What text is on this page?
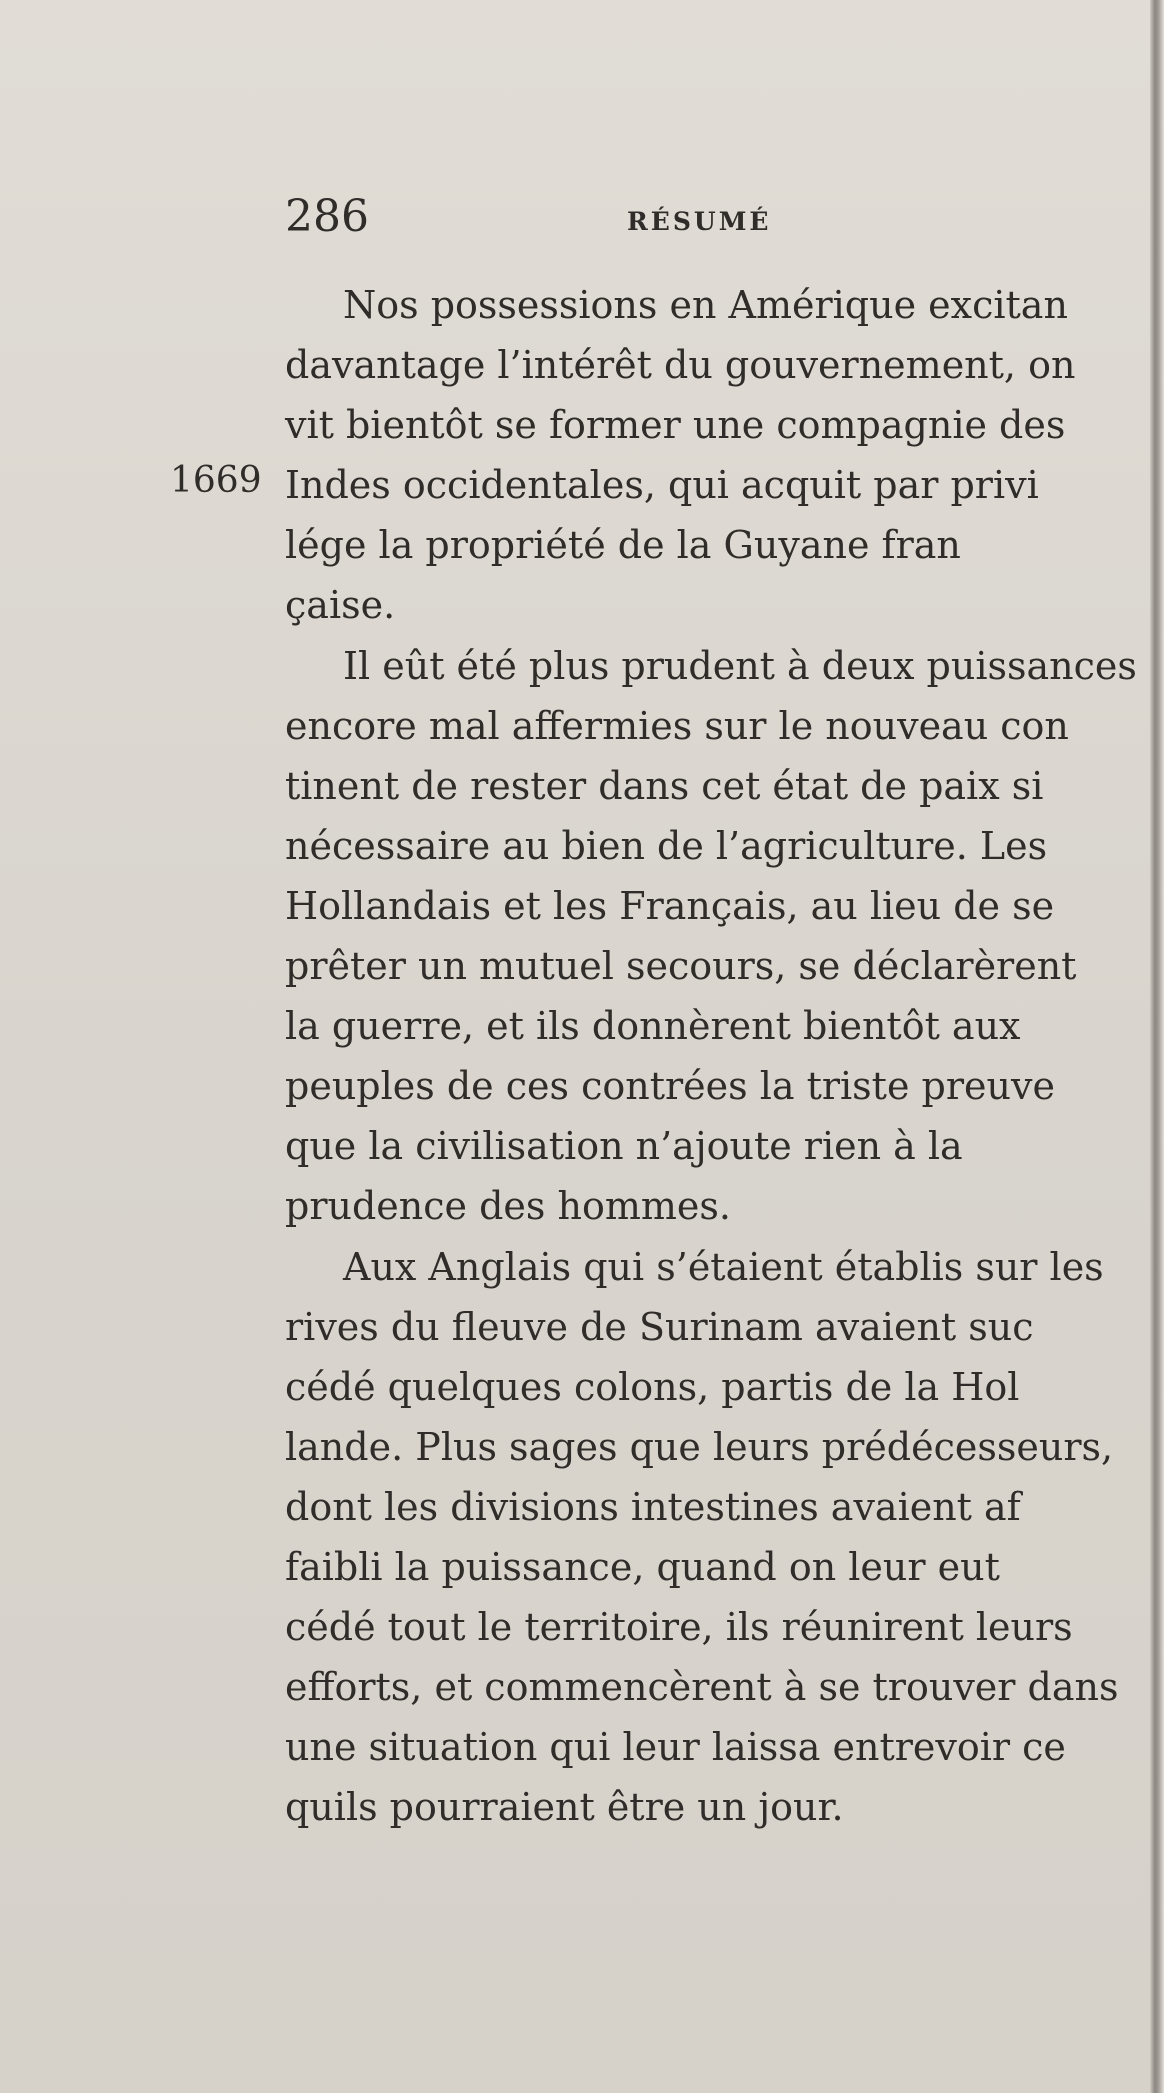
286	RÉSUMÉ
1669
Nos possessions en Amérique excitan
davantage l’intérêt du gouvernement, on
vit bientôt se former une compagnie des
Indes occidentales, qui acquit par privi
lége la propriété de la Guyane fran
çaise.
Il eût été plus prudent à deux puissances
encore mal affermies sur le nouveau con
tinent de rester dans cet état de paix si
nécessaire au bien de l’agriculture. Les
Hollandais et les Français, au lieu de se
prêter un mutuel secours, se déclarèrent
la guerre, et ils donnèrent bientôt aux
peuples de ces contrées la triste preuve
que la civilisation n’ajoute rien à la
prudence des hommes.
Aux Anglais qui s’étaient établis sur les
rives du fleuve de Surinam avaient suc
cédé quelques colons, partis de la Hol
lande. Plus sages que leurs prédécesseurs,
dont les divisions intestines avaient af
faibli la puissance, quand on leur eut
cédé tout le territoire, ils réunirent leurs
efforts, et commencèrent à se trouver dans
une situation qui leur laissa entrevoir ce
quils pourraient être un jour.
